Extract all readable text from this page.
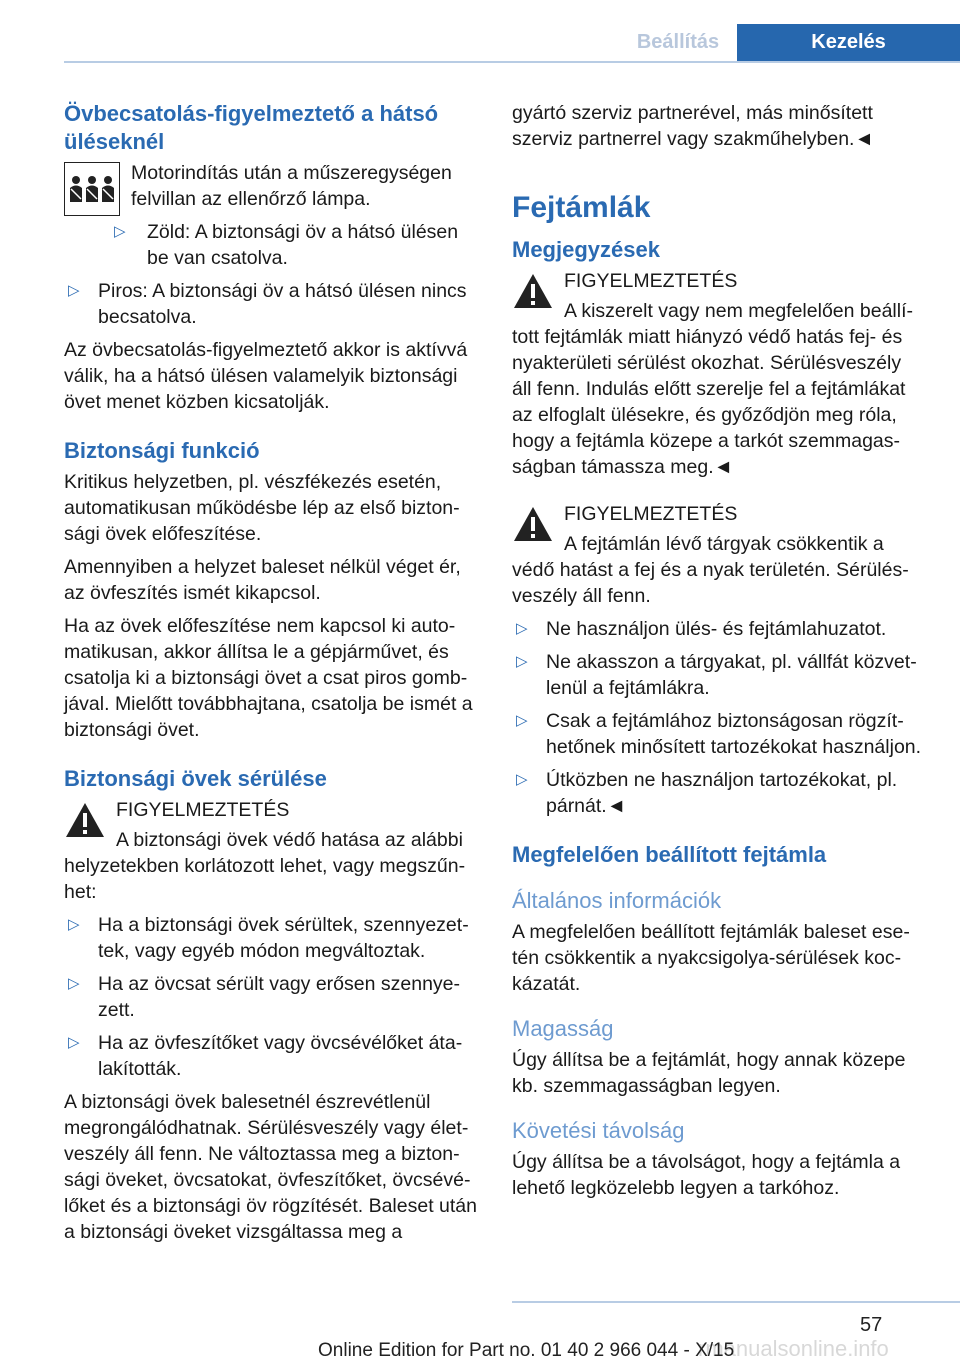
Beállítás	Kezelés
Övbecsatolás-figyelmeztető a hátsó üléseknél
Motorindítás után a műszeregységen felvillan az ellenőrző lámpa.
▷ Zöld: A biztonsági öv a hátsó ülésen be van csatolva.
▷ Piros: A biztonsági öv a hátsó ülésen nincs becsatolva.
Az övbecsatolás-figyelmeztető akkor is aktívvá válik, ha a hátsó ülésen valamelyik biztonsági övet menet közben kicsatolják.
Biztonsági funkció
Kritikus helyzetben, pl. vészfékezés esetén, automatikusan működésbe lép az első biztonsági övek előfeszítése.
Amennyiben a helyzet baleset nélkül véget ér, az övfeszítés ismét kikapcsol.
Ha az övek előfeszítése nem kapcsol ki automatikusan, akkor állítsa le a gépjárművet, és csatolja ki a biztonsági övet a csat piros gombjával. Mielőtt továbbhajtana, csatolja be ismét a biztonsági övet.
Biztonsági övek sérülése
FIGYELMEZTETÉS
A biztonsági övek védő hatása az alábbi helyzetekben korlátozott lehet, vagy megszűnhet:
▷ Ha a biztonsági övek sérültek, szennyezettek, vagy egyéb módon megváltoztak.
▷ Ha az övcsat sérült vagy erősen szennyezett.
▷ Ha az övfeszítőket vagy övcsévélőket átalakították.
A biztonsági övek balesetnél észrevétlenül megrongálódhatnak. Sérülésveszély vagy életveszély áll fenn. Ne változtassa meg a biztonsági öveket, övcsatokat, övfeszítőket, övcsévélőket és a biztonsági öv rögzítését. Baleset után a biztonsági öveket vizsgáltassa meg a
gyártó szerviz partnerével, más minősített szerviz partnerrel vagy szakműhelyben.◄
Fejtámlák
Megjegyzések
FIGYELMEZTETÉS
A kiszerelt vagy nem megfelelően beállított fejtámlák miatt hiányzó védő hatás fej- és nyakterületi sérülést okozhat. Sérülésveszély áll fenn. Indulás előtt szerelje fel a fejtámlákat az elfoglalt ülésekre, és győződjön meg róla, hogy a fejtámla közepe a tarkót szemmagasságban támassza meg.◄
FIGYELMEZTETÉS
A fejtámlán lévő tárgyak csökkentik a védő hatást a fej és a nyak területén. Sérülésveszély áll fenn.
▷ Ne használjon ülés- és fejtámlahuzatot.
▷ Ne akasszon a tárgyakat, pl. vállfát közvetlenül a fejtámlákra.
▷ Csak a fejtámlához biztonságosan rögzíthetőnek minősített tartozékokat használjon.
▷ Útközben ne használjon tartozékokat, pl. párnát.◄
Megfelelően beállított fejtámla
Általános információk
A megfelelően beállított fejtámlák baleset esetén csökkentik a nyakcsigolya-sérülések kockázatát.
Magasság
Úgy állítsa be a fejtámlát, hogy annak közepe kb. szemmagasságban legyen.
Követési távolság
Úgy állítsa be a távolságot, hogy a fejtámla a lehető legközelebb legyen a tarkóhoz.
57
rmanualsonline.info
Online Edition for Part no. 01 40 2 966 044 - X/15
